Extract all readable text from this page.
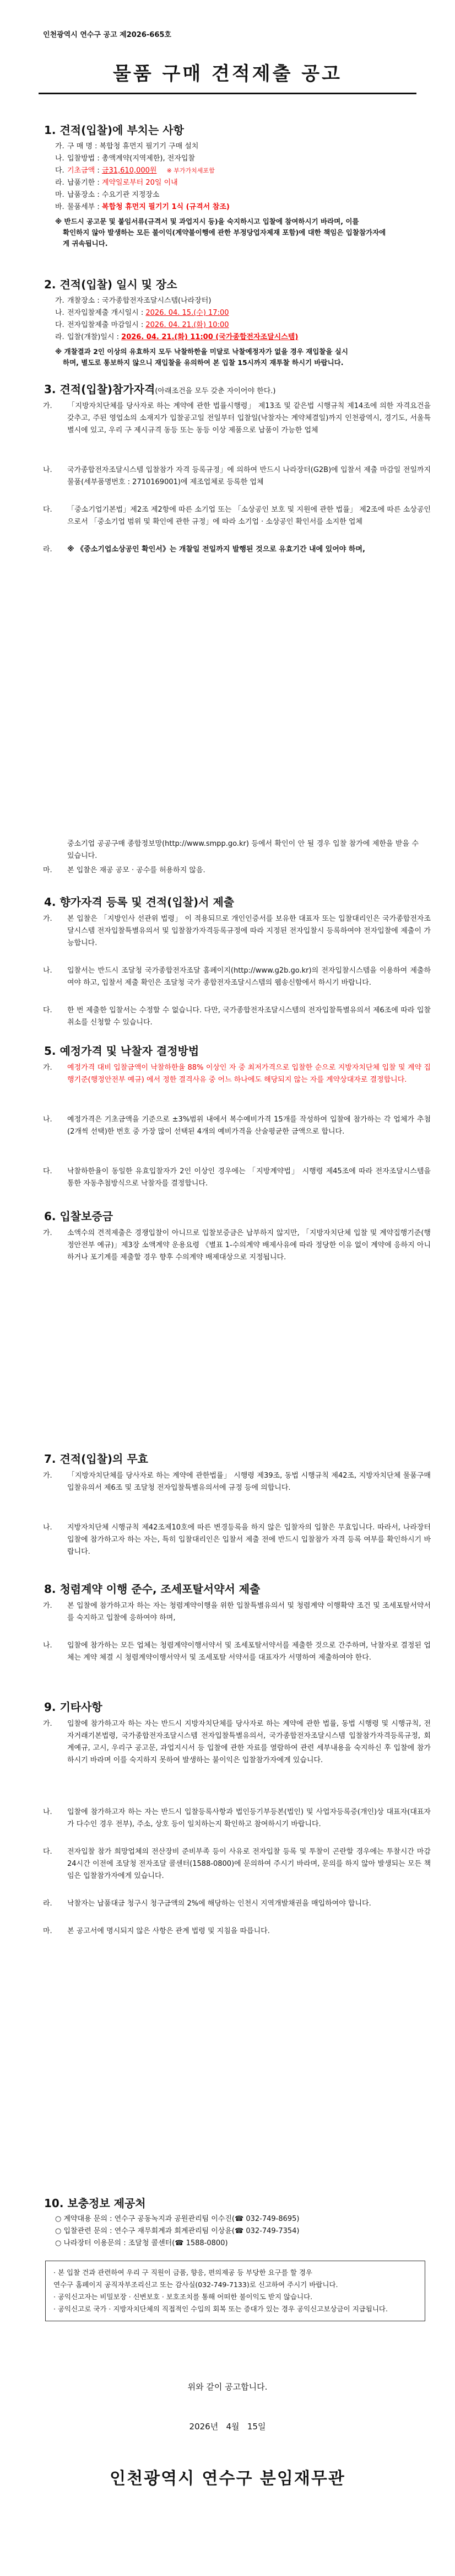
인천광역시 연수구 공고 제2026-665호
물품 구매 견적제출 공고
1. 견적(입찰)에 부치는 사항
가. 구 매 명 : 복합청 휴먼지 필기기 구매 설치
나. 입찰방법 : 총액계약(지역제한), 전자입찰
다. 기초금액 : 금31,610,000원 ※ 부가가치세포함
라. 납품기한 : 계약일로부터 20일 이내
마. 납품장소 : 수요기관 지정장소
바. 물품세부 : 복합청 휴먼지 필기기 1식 (규격서 참조)
※ 반드시 공고문 및 붙임서류(규격서 및 과업지시 등)을 숙지하시고 입찰에 참여하시기 바라며, 이를
확인하지 않아 발생하는 모든 불이익(계약불이행에 관한 부정당업자제재 포함)에 대한 책임은 입찰참가자에
게 귀속됩니다.
2. 견적(입찰) 일시 및 장소
가. 개찰장소 : 국가종합전자조달시스템(나라장터)
나. 전자입찰제출 개시일시 : 2026. 04. 15.(수) 17:00
다. 전자입찰제출 마감일시 : 2026. 04. 21.(화) 10:00
라. 입찰(개찰)일시 : 2026. 04. 21.(화) 11:00 (국가종합전자조달시스템)
※ 개찰결과 2인 이상의 유효하지 모두 낙찰하한율 미달로 낙찰예정자가 없을 경우 재입찰을 실시
하며, 별도로 통보하지 않으니 재입찰을 유의하여 본 입찰 15시까지 재투찰 하시기 바랍니다.
3. 견적(입찰)참가자격(아래조건을 모두 갖춘 자이어야 한다.)
가. 「지방자치단체를 당사자로 하는 계약에 관한 법률시행령」 제13조 및 같은법 시행규칙 제14조에 의한 자격요건을 갖추고, 주된 영업소의 소재지가 입찰공고일 전일부터 입찰일(낙찰자는 계약체결일)까지 인천광역시, 경기도, 서울특별시에 있고, 우리 구 제시규격 동등 또는 동등 이상 제품으로 납품이 가능한 업체
나. 국가종합전자조달시스템 입찰참가 자격 등록규정」에 의하여 반드시 나라장터(G2B)에 입찰서 제출 마감일 전일까지 물품(세부품명번호 : 2710169001)에 제조업체로 등록한 업체
다. 「중소기업기본법」제2조 제2항에 따른 소기업 또는 「소상공인 보호 및 지원에 관한 법률」 제2조에 따른 소상공인으로서 「중소기업 범위 및 확인에 관한 규정」에 따라 소기업 · 소상공인 확인서를 소지한 업체
라. ※ 《중소기업소상공인 확인서》는 개찰일 전일까지 발행된 것으로 유효기간 내에 있어야 하며,
중소기업 공공구매 종합정보망(http://www.smpp.go.kr) 등에서 확인이 안 될 경우 입찰 참가에 제한을 받을 수 있습니다.
마. 본 입찰은 재공 공모 · 공수를 허용하지 않음.
4. 향가자격 등록 및 견적(입찰)서 제출
가. 본 입찰은 「지방인사 선관위 법령」 이 적용되므로 개인인증서를 보유한 대표자 또는 입찰대리인은 국가종합전자조달시스템 전자입찰특별유의서 및 입찰참가자격등록규정에 따라 지정된 전자입찰시 등록하여야 전자입찰에 제출이 가능합니다.
나. 입찰서는 반드시 조달청 국가종합전자조달 홈페이지(http://www.g2b.go.kr)의 전자입찰시스템을 이용하여 제출하여야 하고, 입찰서 제출 확인은 조달청 국가 종합전자조달시스템의 웹송신함에서 하시기 바랍니다.
다. 한 번 제출한 입찰서는 수정할 수 없습니다. 다만, 국가종합전자조달시스템의 전자입찰특별유의서 제6조에 따라 입찰취소를 신청할 수 있습니다.
5. 예정가격 및 낙찰자 결정방법
가. 예정가격 대비 입찰금액이 낙찰하한율 88% 이상인 자 중 최저가격으로 입찰한 순으로 지방자치단체 입찰 및 계약 집행기준(행정안전부 예규) 에서 정한 결격사유 중 어느 하나에도 해당되지 않는 자를 계약상대자로 결정합니다.
나. 예정가격은 기초금액을 기준으로 ±3%범위 내에서 복수예비가격 15개를 작성하여 입찰에 참가하는 각 업체가 추첨(2개씩 선택)한 번호 중 가장 많이 선택된 4개의 예비가격을 산술평균한 금액으로 합니다.
다. 낙찰하한율이 동일한 유효입찰자가 2인 이상인 경우에는 「지방계약법」 시행령 제45조에 따라 전자조달시스템을 통한 자동추첨방식으로 낙찰자를 결정합니다.
6. 입찰보증금
가. 소액수의 견적제출은 경쟁입찰이 아니므로 입찰보증금은 납부하지 않지만, 「지방자치단체 입찰 및 계약집행기준(행정안전부 예규)」제3장 소액계약 운용요령 《별표 1-수의계약 배제사유에 따라 정당한 이유 없이 계약에 응하지 아니하거나 포기계를 제출할 경우 향후 수의계약 배제대상으로 지정됩니다.
7. 견적(입찰)의 무효
가. 「지방자치단체를 당사자로 하는 계약에 관한법률」 시행령 제39조, 동법 시행규칙 제42조, 지방자치단체 물품구매입찰유의서 제6조 및 조달청 전자입찰특별유의서에 규정 등에 의합니다.
나. 지방자치단체 시행규칙 제42조제10호에 따른 변경등록을 하지 않은 입찰자의 입찰은 무효입니다. 따라서, 나라장터 입찰에 참가하고자 하는 자는, 특히 입찰대리인은 입찰서 제출 전에 반드시 입찰참가 자격 등록 여부를 확인하시기 바랍니다.
8. 청렴계약 이행 준수, 조세포탈서약서 제출
가. 본 입찰에 참가하고자 하는 자는 청렴계약이행을 위한 입찰특별유의서 및 청렴계약 이행확약 조건 및 조세포탈서약서를 숙지하고 입찰에 응하여야 하며,
나. 입찰에 참가하는 모든 업체는 청렴계약이행서약서 및 조세포탈서약서를 제출한 것으로 간주하며, 낙찰자로 결정된 업체는 계약 체결 시 청렴계약이행서약서 및 조세포탈 서약서를 대표자가 서명하여 제출하여야 한다.
9. 기타사항
가. 입찰에 참가하고자 하는 자는 반드시 지방자치단체를 당사자로 하는 계약에 관한 법률, 동법 시행령 및 시행규칙, 전자거래기본법령, 국가종합전자조달시스템 전자입찰특별유의서, 국가종합전자조달시스템 입찰참가자격등록규정, 회계예규, 고시, 우리구 공고문, 과업지시서 등 입찰에 관한 자료를 열람하여 관련 세부내용을 숙지하신 후 입찰에 참가하시기 바라며 이를 숙지하지 못하여 발생하는 불이익은 입찰참가자에게 있습니다.
나. 입찰에 참가하고자 하는 자는 반드시 입찰등록사항과 법인등기부등본(법인) 및 사업자등록증(개인)상 대표자(대표자가 다수인 경우 전부), 주소, 상호 등이 일치하는지 확인하고 참여하시기 바랍니다.
다. 전자입찰 참가 희망업체의 전산장비 준비부족 등이 사유로 전자입찰 등록 및 투찰이 곤란할 경우에는 투찰시간 마감 24시간 이전에 조달청 전자조달 콜센터(1588-0800)에 문의하여 주시기 바라며, 문의를 하지 않아 발생되는 모든 책임은 입찰참가자에게 있습니다.
라. 낙찰자는 납품대금 청구시 청구금액의 2%에 해당하는 인천시 지역개발채권을 매입하여야 합니다.
마. 본 공고서에 명시되지 않은 사항은 관계 법령 및 지침을 따릅니다.
10. 보충정보 제공처
○ 계약대용 문의 : 연수구 공동녹지과 공원관리팀 이수진(☎ 032-749-8695)
○ 입찰관련 문의 : 연수구 재무회계과 회계관리팀 이상윤(☎ 032-749-7354)
○ 나라장터 이용문의 : 조달청 콜센터(☎ 1588-0800)
· 본 입찰 건과 관련하여 우리 구 직원이 금품, 향응, 편의제공 등 부당한 요구를 할 경우
연수구 홈페이지 공직자부조리신고 또는 감사실(032-749-7133)로 신고하여 주시기 바랍니다.
· 공익신고자는 비밀보장 · 신변보호 · 보호조치를 통해 어떠한 불이익도 받지 않습니다.
· 공익신고로 국가 · 지방자치단체의 직접적인 수입의 회복 또는 증대가 있는 경우 공익신고보상금이 지급됩니다.
위와 같이 공고합니다.
2026년   4월   15일
인천광역시 연수구 분임재무관
